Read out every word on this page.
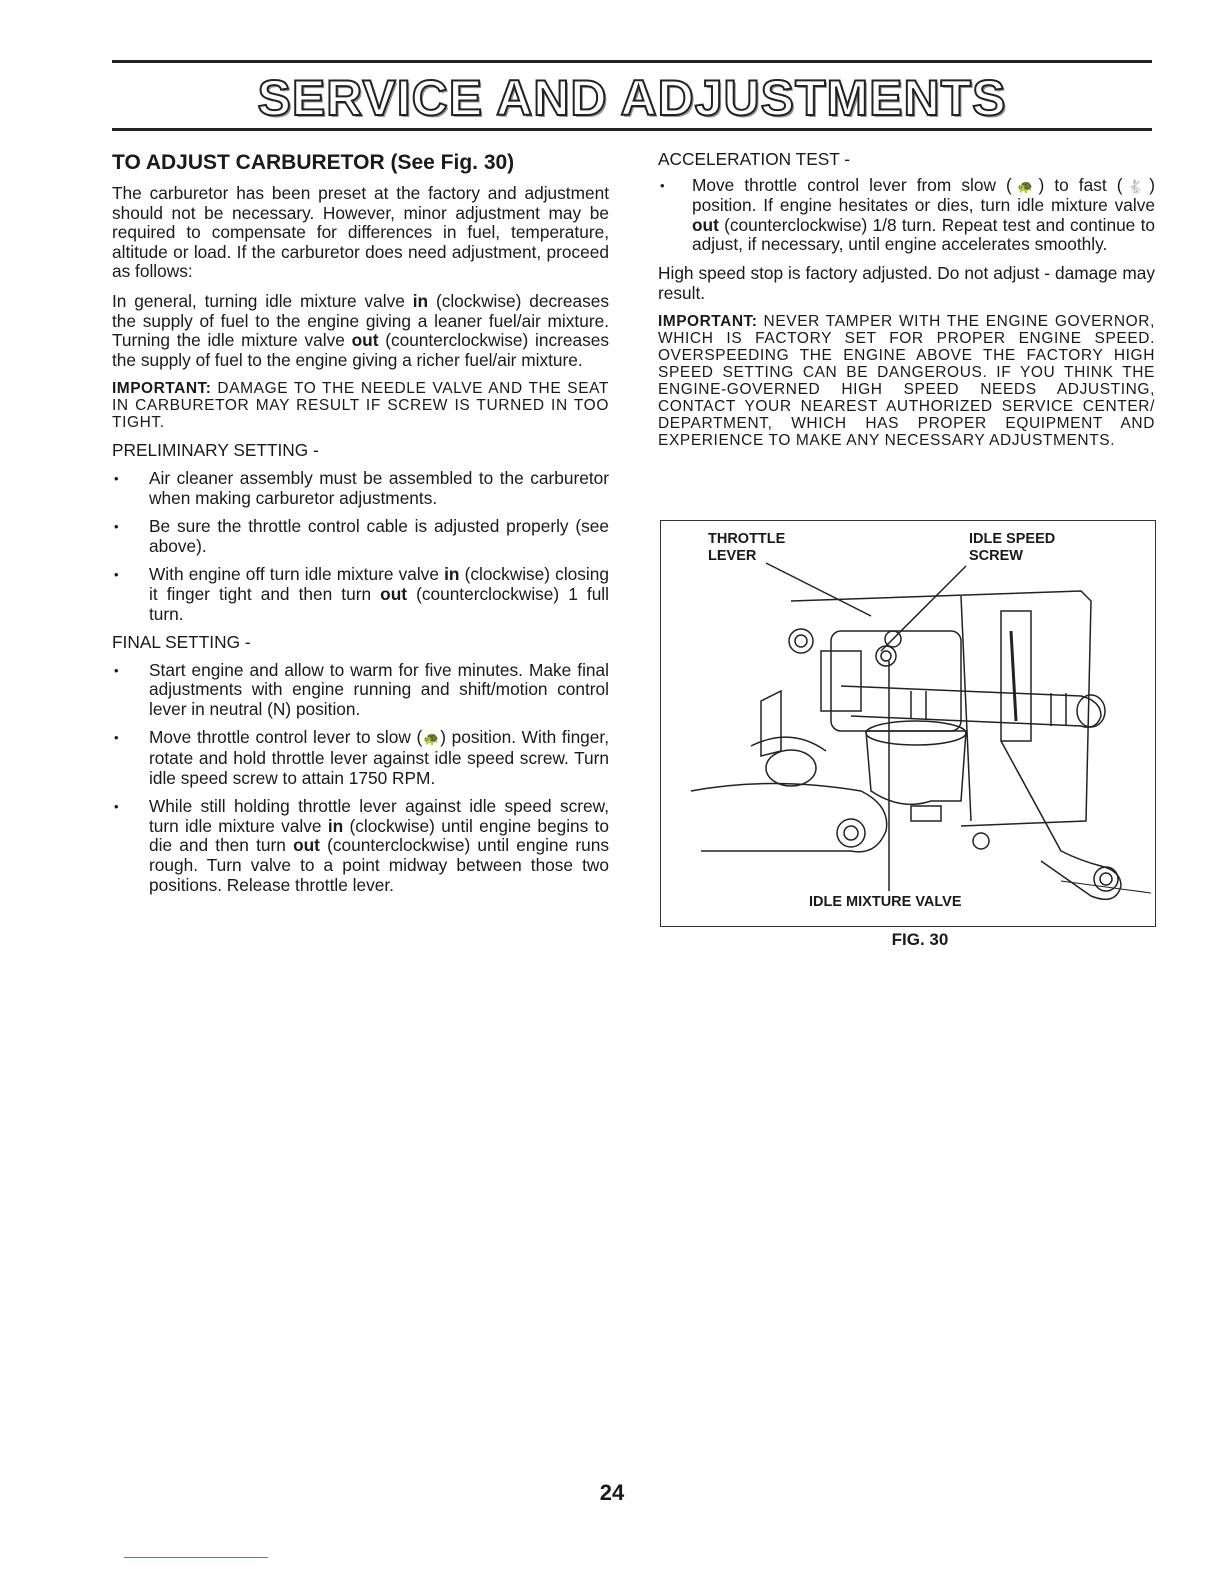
SERVICE AND ADJUSTMENTS
TO ADJUST CARBURETOR (See Fig. 30)

The carburetor has been preset at the factory and adjustment should not be necessary. However, minor adjustment may be required to compensate for differences in fuel, temperature, altitude or load. If the carburetor does need adjustment, proceed as follows:

In general, turning idle mixture valve in (clockwise) decreases the supply of fuel to the engine giving a leaner fuel/air mixture. Turning the idle mixture valve out (counterclockwise) increases the supply of fuel to the engine giving a richer fuel/air mixture.

IMPORTANT: DAMAGE TO THE NEEDLE VALVE AND THE SEAT IN CARBURETOR MAY RESULT IF SCREW IS TURNED IN TOO TIGHT.

PRELIMINARY SETTING -
• Air cleaner assembly must be assembled to the carburetor when making carburetor adjustments.
• Be sure the throttle control cable is adjusted properly (see above).
• With engine off turn idle mixture valve in (clockwise) closing it finger tight and then turn out (counterclockwise) 1 full turn.
FINAL SETTING -
• Start engine and allow to warm for five minutes. Make final adjustments with engine running and shift/motion control lever in neutral (N) position.
• Move throttle control lever to slow (🐢) position. With finger, rotate and hold throttle lever against idle speed screw. Turn idle speed screw to attain 1750 RPM.
• While still holding throttle lever against idle speed screw, turn idle mixture valve in (clockwise) until engine begins to die and then turn out (counterclockwise) until engine runs rough. Turn valve to a point midway between those two positions. Release throttle lever.
ACCELERATION TEST -
• Move throttle control lever from slow (🐢) to fast (🐇) position. If engine hesitates or dies, turn idle mixture valve out (counterclockwise) 1/8 turn. Repeat test and continue to adjust, if necessary, until engine accelerates smoothly.

High speed stop is factory adjusted. Do not adjust - damage may result.

IMPORTANT: NEVER TAMPER WITH THE ENGINE GOVERNOR, WHICH IS FACTORY SET FOR PROPER ENGINE SPEED. OVERSPEEDING THE ENGINE ABOVE THE FACTORY HIGH SPEED SETTING CAN BE DANGEROUS. IF YOU THINK THE ENGINE-GOVERNED HIGH SPEED NEEDS ADJUSTING, CONTACT YOUR NEAREST AUTHORIZED SERVICE CENTER/ DEPARTMENT, WHICH HAS PROPER EQUIPMENT AND EXPERIENCE TO MAKE ANY NECESSARY ADJUSTMENTS.

THROTTLE
LEVER
IDLE SPEED
SCREW
IDLE MIXTURE VALVE
FIG. 30
24
